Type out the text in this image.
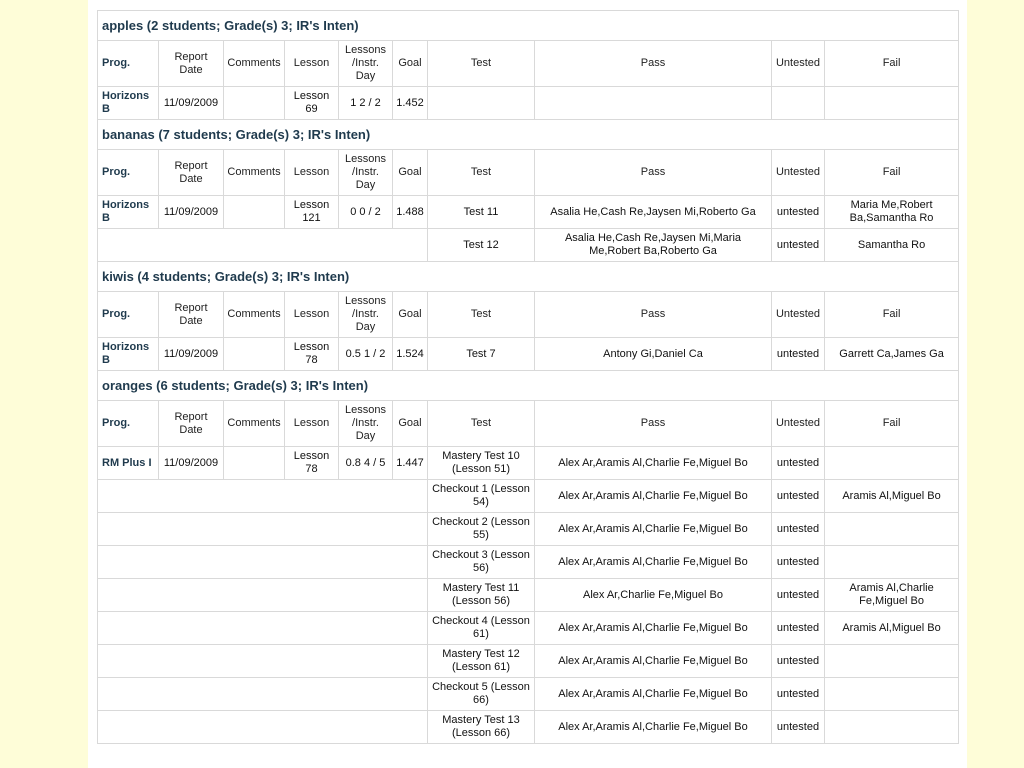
apples (2 students; Grade(s) 3; IR's Inten)									
Prog.	Report Date	Comments	Lesson	Lessons /Instr. Day	Goal	Test	Pass	Untested	Fail
Horizons B	11/09/2009		Lesson 69	1 2 / 2	1.452				
bananas (7 students; Grade(s) 3; IR's Inten)									
Prog.	Report Date	Comments	Lesson	Lessons /Instr. Day	Goal	Test	Pass	Untested	Fail
Horizons B	11/09/2009		Lesson 121	0 0 / 2	1.488	Test 11	Asalia He,Cash Re,Jaysen Mi,Roberto Ga	untested	Maria Me,Robert Ba,Samantha Ro
						Test 12	Asalia He,Cash Re,Jaysen Mi,Maria Me,Robert Ba,Roberto Ga	untested	Samantha Ro
kiwis (4 students; Grade(s) 3; IR's Inten)									
Prog.	Report Date	Comments	Lesson	Lessons /Instr. Day	Goal	Test	Pass	Untested	Fail
Horizons B	11/09/2009		Lesson 78	0.5 1 / 2	1.524	Test 7	Antony Gi,Daniel Ca	untested	Garrett Ca,James Ga
oranges (6 students; Grade(s) 3; IR's Inten)									
Prog.	Report Date	Comments	Lesson	Lessons /Instr. Day	Goal	Test	Pass	Untested	Fail
RM Plus I	11/09/2009		Lesson 78	0.8 4 / 5	1.447	Mastery Test 10 (Lesson 51)	Alex Ar,Aramis Al,Charlie Fe,Miguel Bo	untested	
						Checkout 1 (Lesson 54)	Alex Ar,Aramis Al,Charlie Fe,Miguel Bo	untested	Aramis Al,Miguel Bo
						Checkout 2 (Lesson 55)	Alex Ar,Aramis Al,Charlie Fe,Miguel Bo	untested	
						Checkout 3 (Lesson 56)	Alex Ar,Aramis Al,Charlie Fe,Miguel Bo	untested	
						Mastery Test 11 (Lesson 56)	Alex Ar,Charlie Fe,Miguel Bo	untested	Aramis Al,Charlie Fe,Miguel Bo
						Checkout 4 (Lesson 61)	Alex Ar,Aramis Al,Charlie Fe,Miguel Bo	untested	Aramis Al,Miguel Bo
						Mastery Test 12 (Lesson 61)	Alex Ar,Aramis Al,Charlie Fe,Miguel Bo	untested	
						Checkout 5 (Lesson 66)	Alex Ar,Aramis Al,Charlie Fe,Miguel Bo	untested	
						Mastery Test 13 (Lesson 66)	Alex Ar,Aramis Al,Charlie Fe,Miguel Bo	untested	
